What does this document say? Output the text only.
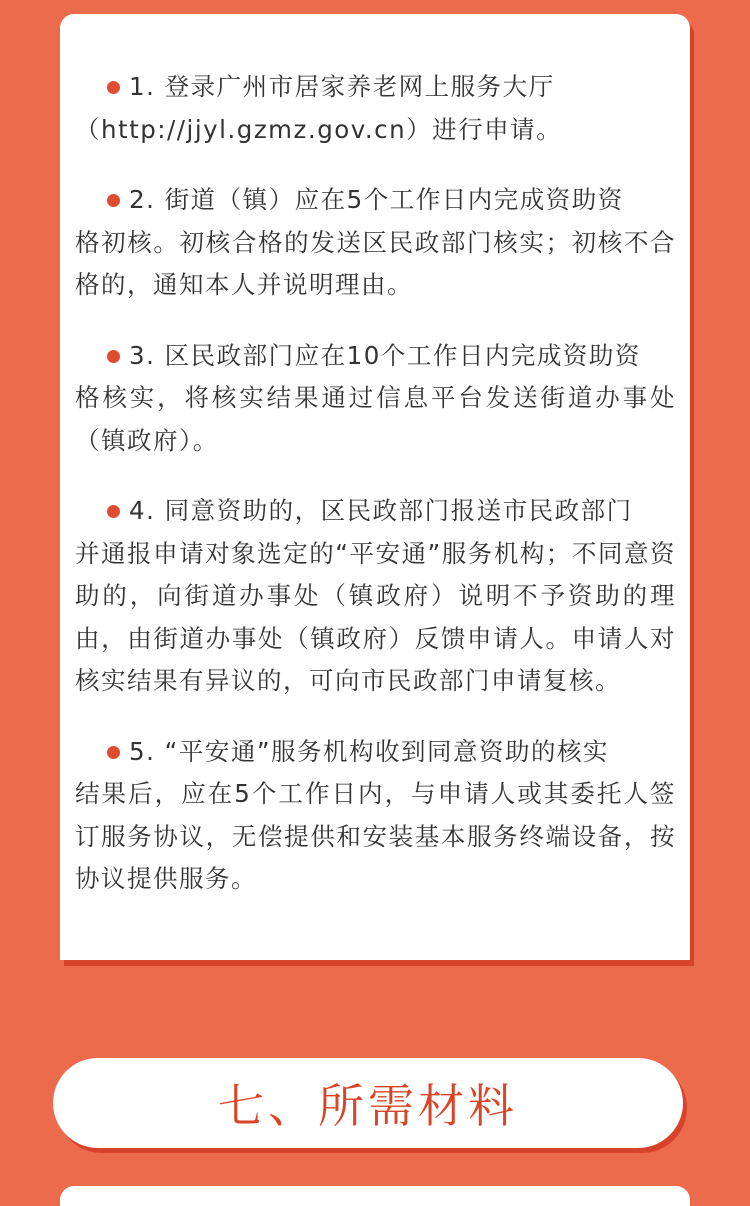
1. 登录广州市居家养老网上服务大厅
（http://jjyl.gzmz.gov.cn）进行申请。

2. 街道（镇）应在5个工作日内完成资助资
格初核。初核合格的发送区民政部门核实；初核不合格的，通知本人并说明理由。

3. 区民政部门应在10个工作日内完成资助资
格核实，将核实结果通过信息平台发送街道办事处（镇政府）。

4. 同意资助的，区民政部门报送市民政部门
并通报申请对象选定的“平安通”服务机构；不同意资助的，向街道办事处（镇政府）说明不予资助的理由，由街道办事处（镇政府）反馈申请人。申请人对核实结果有异议的，可向市民政部门申请复核。

5. “平安通”服务机构收到同意资助的核实
结果后，应在5个工作日内，与申请人或其委托人签订服务协议，无偿提供和安装基本服务终端设备，按协议提供服务。

七、所需材料
